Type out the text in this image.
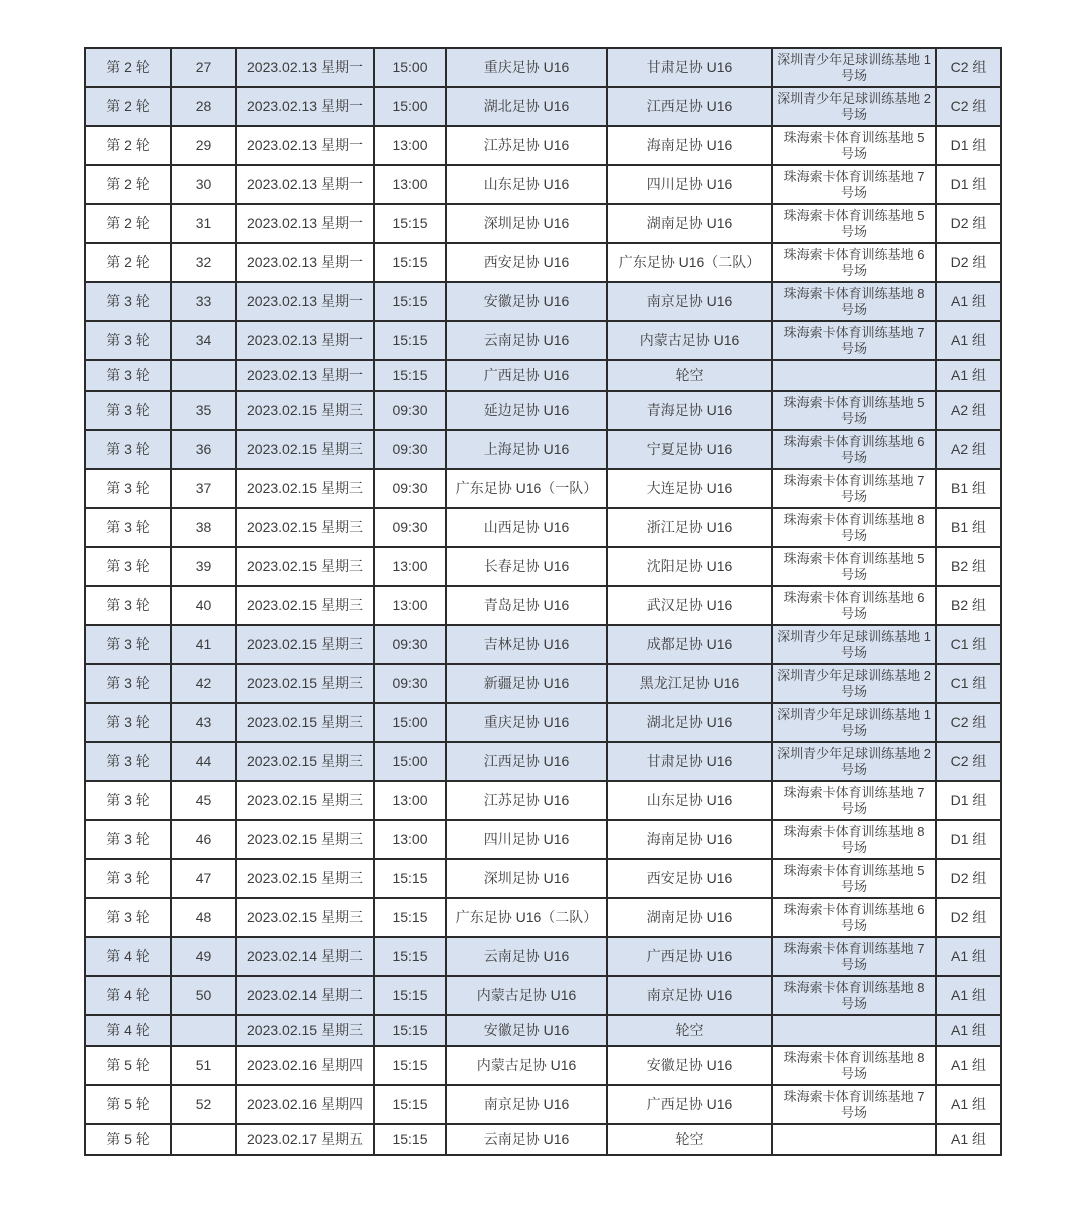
第 2 轮	27	2023.02.13 星期一	15:00	重庆足协 U16	甘肃足协 U16	深圳青少年足球训练基地 1 号场	C2 组
第 2 轮	28	2023.02.13 星期一	15:00	湖北足协 U16	江西足协 U16	深圳青少年足球训练基地 2 号场	C2 组
第 2 轮	29	2023.02.13 星期一	13:00	江苏足协 U16	海南足协 U16	珠海索卡体育训练基地 5 号场	D1 组
第 2 轮	30	2023.02.13 星期一	13:00	山东足协 U16	四川足协 U16	珠海索卡体育训练基地 7 号场	D1 组
第 2 轮	31	2023.02.13 星期一	15:15	深圳足协 U16	湖南足协 U16	珠海索卡体育训练基地 5 号场	D2 组
第 2 轮	32	2023.02.13 星期一	15:15	西安足协 U16	广东足协 U16（二队）	珠海索卡体育训练基地 6 号场	D2 组
第 3 轮	33	2023.02.13 星期一	15:15	安徽足协 U16	南京足协 U16	珠海索卡体育训练基地 8 号场	A1 组
第 3 轮	34	2023.02.13 星期一	15:15	云南足协 U16	内蒙古足协 U16	珠海索卡体育训练基地 7 号场	A1 组
第 3 轮		2023.02.13 星期一	15:15	广西足协 U16	轮空		A1 组
第 3 轮	35	2023.02.15 星期三	09:30	延边足协 U16	青海足协 U16	珠海索卡体育训练基地 5 号场	A2 组
第 3 轮	36	2023.02.15 星期三	09:30	上海足协 U16	宁夏足协 U16	珠海索卡体育训练基地 6 号场	A2 组
第 3 轮	37	2023.02.15 星期三	09:30	广东足协 U16（一队）	大连足协 U16	珠海索卡体育训练基地 7 号场	B1 组
第 3 轮	38	2023.02.15 星期三	09:30	山西足协 U16	浙江足协 U16	珠海索卡体育训练基地 8 号场	B1 组
第 3 轮	39	2023.02.15 星期三	13:00	长春足协 U16	沈阳足协 U16	珠海索卡体育训练基地 5 号场	B2 组
第 3 轮	40	2023.02.15 星期三	13:00	青岛足协 U16	武汉足协 U16	珠海索卡体育训练基地 6 号场	B2 组
第 3 轮	41	2023.02.15 星期三	09:30	吉林足协 U16	成都足协 U16	深圳青少年足球训练基地 1 号场	C1 组
第 3 轮	42	2023.02.15 星期三	09:30	新疆足协 U16	黑龙江足协 U16	深圳青少年足球训练基地 2 号场	C1 组
第 3 轮	43	2023.02.15 星期三	15:00	重庆足协 U16	湖北足协 U16	深圳青少年足球训练基地 1 号场	C2 组
第 3 轮	44	2023.02.15 星期三	15:00	江西足协 U16	甘肃足协 U16	深圳青少年足球训练基地 2 号场	C2 组
第 3 轮	45	2023.02.15 星期三	13:00	江苏足协 U16	山东足协 U16	珠海索卡体育训练基地 7 号场	D1 组
第 3 轮	46	2023.02.15 星期三	13:00	四川足协 U16	海南足协 U16	珠海索卡体育训练基地 8 号场	D1 组
第 3 轮	47	2023.02.15 星期三	15:15	深圳足协 U16	西安足协 U16	珠海索卡体育训练基地 5 号场	D2 组
第 3 轮	48	2023.02.15 星期三	15:15	广东足协 U16（二队）	湖南足协 U16	珠海索卡体育训练基地 6 号场	D2 组
第 4 轮	49	2023.02.14 星期二	15:15	云南足协 U16	广西足协 U16	珠海索卡体育训练基地 7 号场	A1 组
第 4 轮	50	2023.02.14 星期二	15:15	内蒙古足协 U16	南京足协 U16	珠海索卡体育训练基地 8 号场	A1 组
第 4 轮		2023.02.15 星期三	15:15	安徽足协 U16	轮空		A1 组
第 5 轮	51	2023.02.16 星期四	15:15	内蒙古足协 U16	安徽足协 U16	珠海索卡体育训练基地 8 号场	A1 组
第 5 轮	52	2023.02.16 星期四	15:15	南京足协 U16	广西足协 U16	珠海索卡体育训练基地 7 号场	A1 组
第 5 轮		2023.02.17 星期五	15:15	云南足协 U16	轮空		A1 组
